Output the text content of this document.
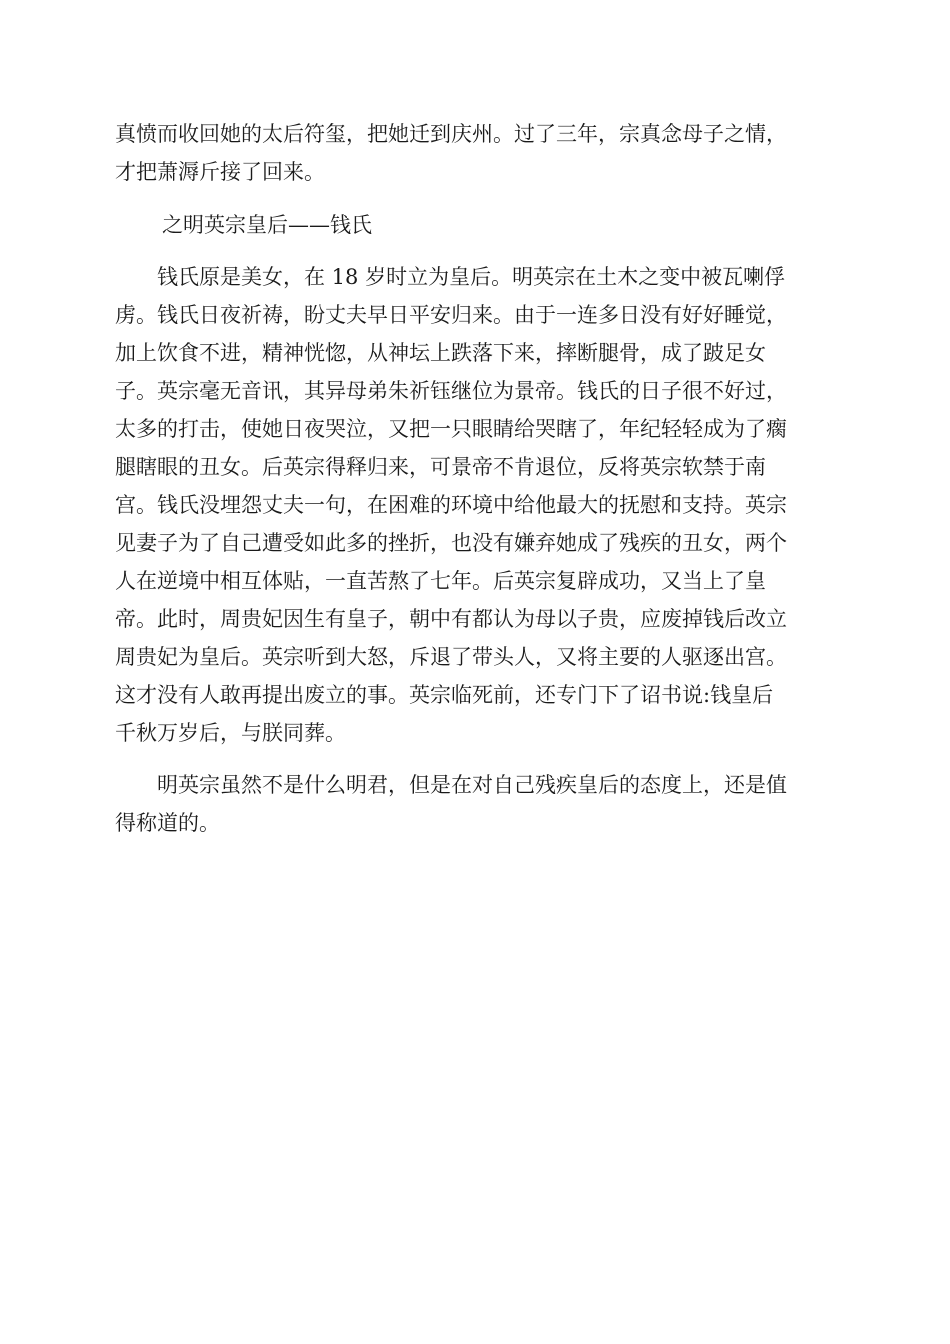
真愤而收回她的太后符玺，把她迁到庆州。过了三年，宗真念母子之情，
才把萧溽斤接了回来。

之明英宗皇后——钱氏

　　钱氏原是美女，在 18 岁时立为皇后。明英宗在土木之变中被瓦喇俘
虏。钱氏日夜祈祷，盼丈夫早日平安归来。由于一连多日没有好好睡觉，
加上饮食不进，精神恍惚，从神坛上跌落下来，摔断腿骨，成了跛足女
子。英宗毫无音讯，其异母弟朱祈钰继位为景帝。钱氏的日子很不好过，
太多的打击，使她日夜哭泣，又把一只眼睛给哭瞎了，年纪轻轻成为了瘸
腿瞎眼的丑女。后英宗得释归来，可景帝不肯退位，反将英宗软禁于南
宫。钱氏没埋怨丈夫一句，在困难的环境中给他最大的抚慰和支持。英宗
见妻子为了自己遭受如此多的挫折，也没有嫌弃她成了残疾的丑女，两个
人在逆境中相互体贴，一直苦熬了七年。后英宗复辟成功，又当上了皇
帝。此时，周贵妃因生有皇子，朝中有都认为母以子贵，应废掉钱后改立
周贵妃为皇后。英宗听到大怒，斥退了带头人，又将主要的人驱逐出宫。
这才没有人敢再提出废立的事。英宗临死前，还专门下了诏书说:钱皇后
千秋万岁后，与朕同葬。

　　明英宗虽然不是什么明君，但是在对自己残疾皇后的态度上，还是值
得称道的。
